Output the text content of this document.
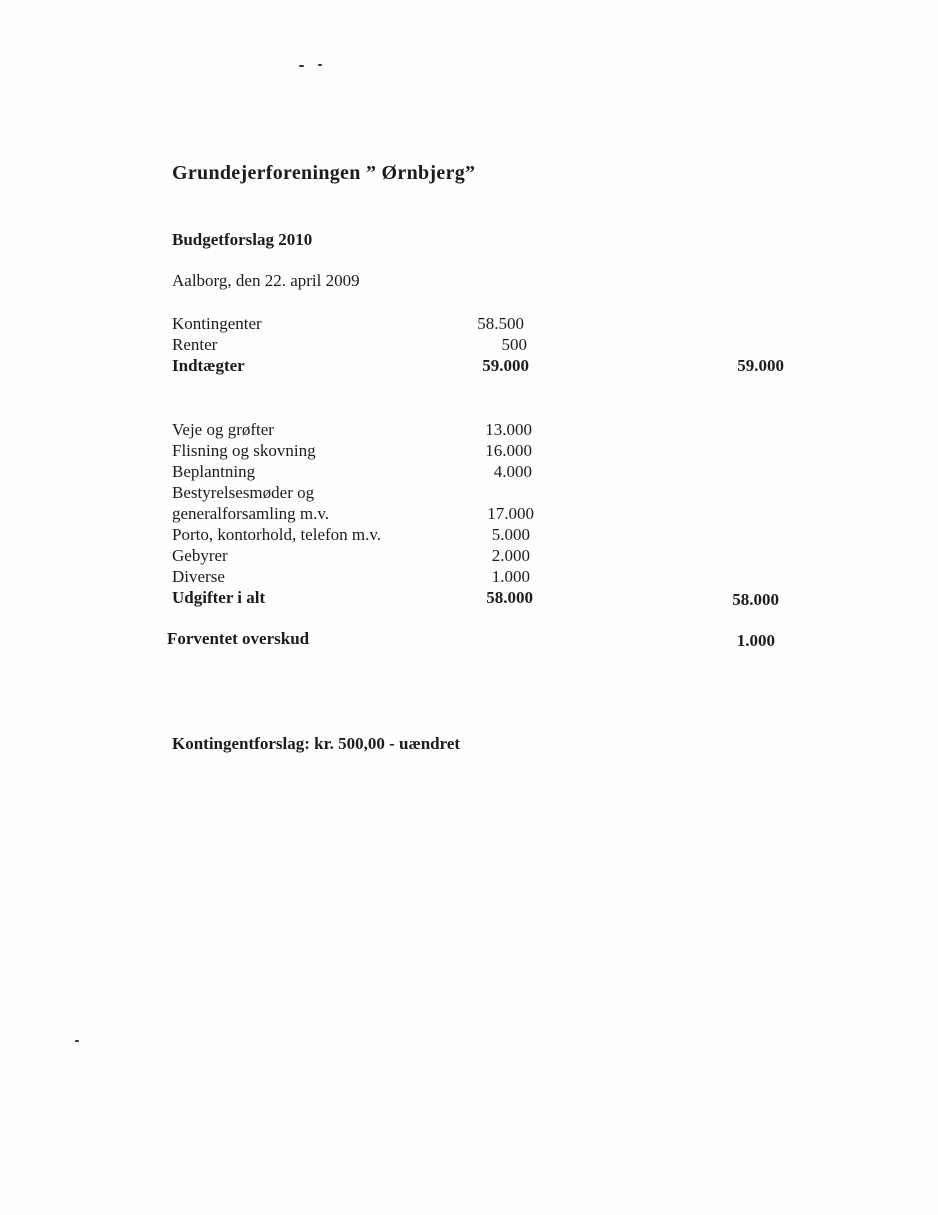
Grundejerforeningen ” Ørnbjerg”
Budgetforslag 2010
Aalborg, den 22. april 2009
Kontingenter	58.500
Renter	500
Indtægter	59.000	59.000
Veje og grøfter	13.000
Flisning og skovning	16.000
Beplantning	4.000
Bestyrelsesmøder og
generalforsamling m.v.	17.000
Porto, kontorhold, telefon m.v.	5.000
Gebyrer	2.000
Diverse	1.000
Udgifter i alt	58.000	58.000
Forventet overskud	1.000
Kontingentforslag: kr. 500,00 - uændret
